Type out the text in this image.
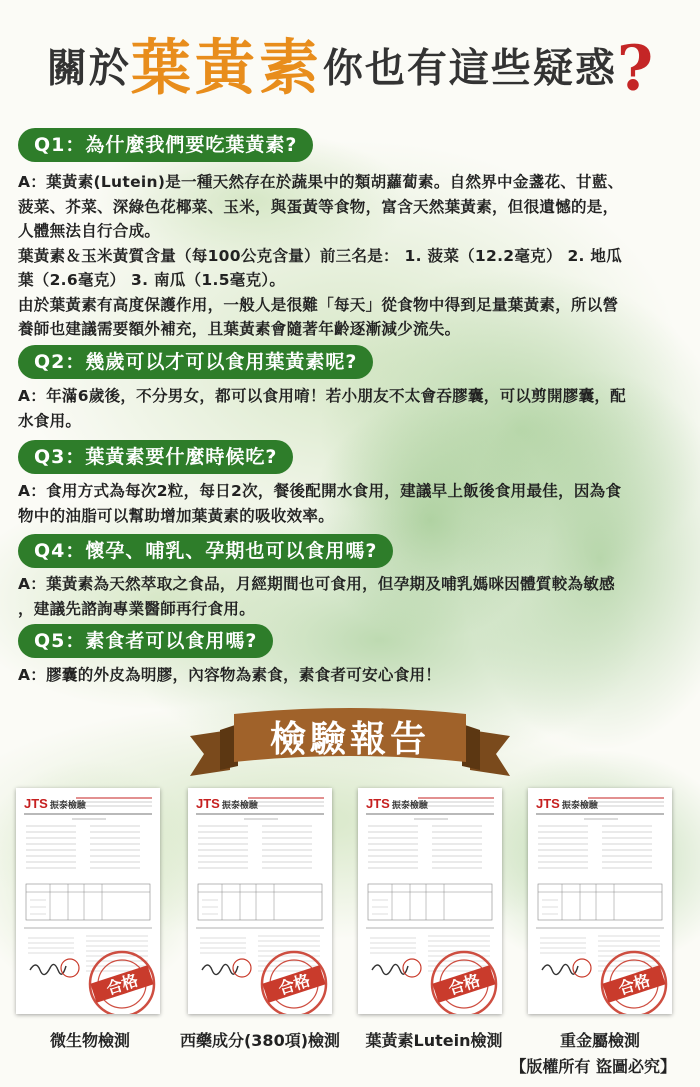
關於葉黃素你也有這些疑惑?
Q1：為什麼我們要吃葉黃素?

A：葉黃素(Lutein)是一種天然存在於蔬果中的類胡蘿蔔素。自然界中金盞花、甘藍、

菠菜、芥菜、深綠色花椰菜、玉米，與蛋黃等食物，富含天然葉黃素，但很遺憾的是，

人體無法自行合成。

葉黃素＆玉米黃質含量（每100公克含量）前三名是： 1. 菠菜（12.2毫克） 2. 地瓜

葉（2.6毫克） 3. 南瓜（1.5毫克）。

由於葉黃素有高度保護作用，一般人是很難「每天」從食物中得到足量葉黃素，所以營

養師也建議需要額外補充，且葉黃素會隨著年齡逐漸減少流失。

Q2：幾歲可以才可以食用葉黃素呢?

A：年滿6歲後，不分男女，都可以食用唷！若小朋友不太會吞膠囊，可以剪開膠囊，配

水食用。

Q3：葉黃素要什麼時候吃?

A：食用方式為每次2粒，每日2次，餐後配開水食用，建議早上飯後食用最佳，因為食

物中的油脂可以幫助增加葉黃素的吸收效率。

Q4：懷孕、哺乳、孕期也可以食用嗎?

A：葉黃素為天然萃取之食品，月經期間也可食用，但孕期及哺乳媽咪因體質較為敏感

，建議先諮詢專業醫師再行食用。

Q5：素食者可以食用嗎?

A：膠囊的外皮為明膠，內容物為素食，素食者可安心食用！

檢驗報告
JTS 振泰檢驗
合格
JTS 振泰檢驗
合格
JTS 振泰檢驗
合格
JTS 振泰檢驗
合格
微生物檢測	西藥成分(380項)檢測	葉黃素Lutein檢測	重金屬檢測
【版權所有 盜圖必究】
